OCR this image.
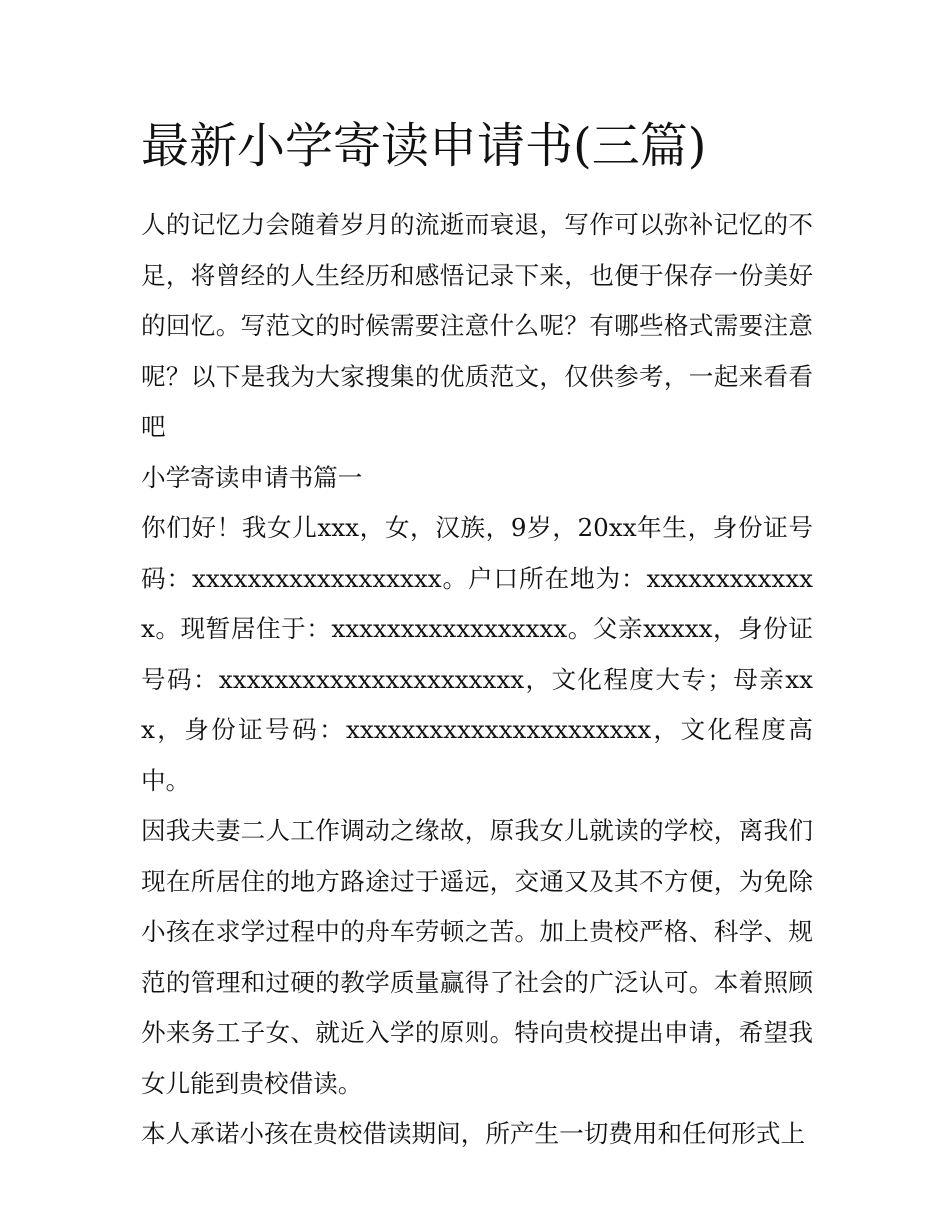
最新小学寄读申请书(三篇)

人的记忆力会随着岁月的流逝而衰退，写作可以弥补记忆的不足，将曾经的人生经历和感悟记录下来，也便于保存一份美好的回忆。写范文的时候需要注意什么呢？有哪些格式需要注意呢？以下是我为大家搜集的优质范文，仅供参考，一起来看看吧

小学寄读申请书篇一

你们好！我女儿xxx，女，汉族，9岁，20xx年生，身份证号码：xxxxxxxxxxxxxxxxxx。户口所在地为：xxxxxxxxxxxxx。现暂居住于：xxxxxxxxxxxxxxxxx。父亲xxxxx，身份证号码：xxxxxxxxxxxxxxxxxxxxxx，文化程度大专；母亲xxx，身份证号码：xxxxxxxxxxxxxxxxxxxxxx，文化程度高中。

因我夫妻二人工作调动之缘故，原我女儿就读的学校，离我们现在所居住的地方路途过于遥远，交通又及其不方便，为免除小孩在求学过程中的舟车劳顿之苦。加上贵校严格、科学、规范的管理和过硬的教学质量赢得了社会的广泛认可。本着照顾外来务工子女、就近入学的原则。特向贵校提出申请，希望我女儿能到贵校借读。

本人承诺小孩在贵校借读期间，所产生一切费用和任何形式上
